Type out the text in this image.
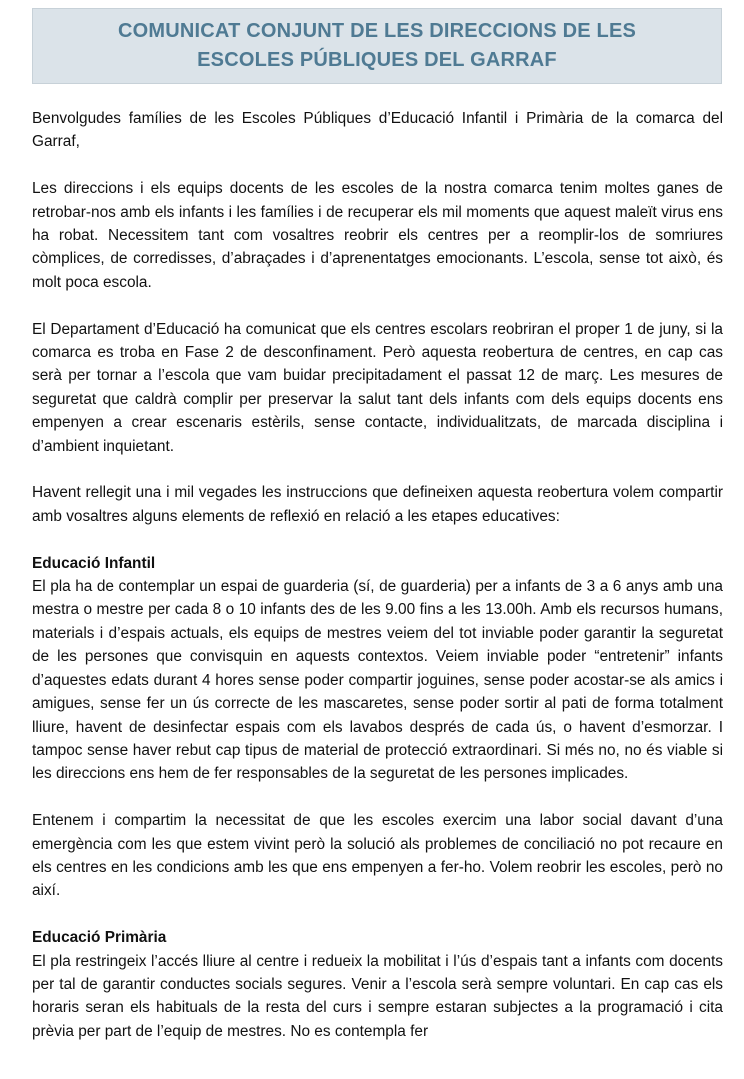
COMUNICAT CONJUNT DE LES DIRECCIONS DE LES
ESCOLES PÚBLIQUES DEL GARRAF

Benvolgudes famílies de les Escoles Públiques d’Educació Infantil i Primària de la comarca del Garraf,

Les direccions i els equips docents de les escoles de la nostra comarca tenim moltes ganes de retrobar-nos amb els infants i les famílies i de recuperar els mil moments que aquest maleït virus ens ha robat. Necessitem tant com vosaltres reobrir els centres per a reomplir-los de somriures còmplices, de corredisses, d’abraçades i d’aprenentatges emocionants. L’escola, sense tot això, és molt poca escola.

El Departament d’Educació ha comunicat que els centres escolars reobriran el proper 1 de juny, si la comarca es troba en Fase 2 de desconfinament. Però aquesta reobertura de centres, en cap cas serà per tornar a l’escola que vam buidar precipitadament el passat 12 de març. Les mesures de seguretat que caldrà complir per preservar la salut tant dels infants com dels equips docents ens empenyen a crear escenaris estèrils, sense contacte, individualitzats, de marcada disciplina i d’ambient inquietant.

Havent rellegit una i mil vegades les instruccions que defineixen aquesta reobertura volem compartir amb vosaltres alguns elements de reflexió en relació a les etapes educatives:

Educació Infantil

El pla ha de contemplar un espai de guarderia (sí, de guarderia) per a infants de 3 a 6 anys amb una mestra o mestre per cada 8 o 10 infants des de les 9.00 fins a les 13.00h. Amb els recursos humans, materials i d’espais actuals, els equips de mestres veiem del tot inviable poder garantir la seguretat de les persones que convisquin en aquests contextos. Veiem inviable poder “entretenir” infants d’aquestes edats durant 4 hores sense poder compartir joguines, sense poder acostar-se als amics i amigues, sense fer un ús correcte de les mascaretes, sense poder sortir al pati de forma totalment lliure, havent de desinfectar espais com els lavabos després de cada ús, o havent d’esmorzar. I tampoc sense haver rebut cap tipus de material de protecció extraordinari. Si més no, no és viable si les direccions ens hem de fer responsables de la seguretat de les persones implicades.

Entenem i compartim la necessitat de que les escoles exercim una labor social davant d’una emergència com les que estem vivint però la solució als problemes de conciliació no pot recaure en els centres en les condicions amb les que ens empenyen a fer-ho. Volem reobrir les escoles, però no així.

Educació Primària

El pla restringeix l’accés lliure al centre i redueix la mobilitat i l’ús d’espais tant a infants com docents per tal de garantir conductes socials segures. Venir a l’escola serà sempre voluntari. En cap cas els horaris seran els habituals de la resta del curs i sempre estaran subjectes a la programació i cita prèvia per part de l’equip de mestres. No es contempla fer
